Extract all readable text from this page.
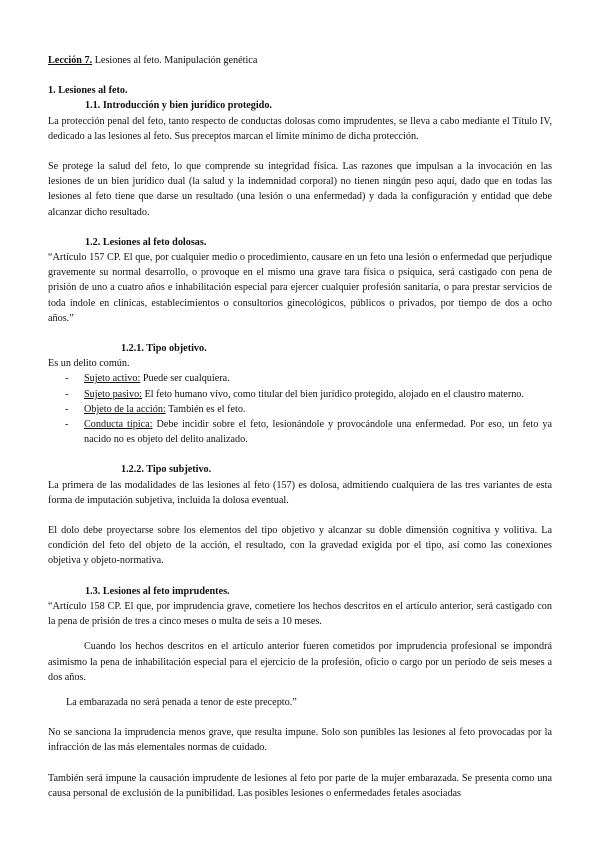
Lección 7. Lesiones al feto. Manipulación genética

1. Lesiones al feto.

1.1. Introducción y bien jurídico protegido.

La protección penal del feto, tanto respecto de conductas dolosas como imprudentes, se lleva a cabo mediante el Título IV, dedicado a las lesiones al feto. Sus preceptos marcan el límite mínimo de dicha protección.

Se protege la salud del feto, lo que comprende su integridad física. Las razones que impulsan a la invocación en las lesiones de un bien jurídico dual (la salud y la indemnidad corporal) no tienen ningún peso aquí, dado que en todas las lesiones al feto tiene que darse un resultado (una lesión o una enfermedad) y dada la configuración y entidad que debe alcanzar dicho resultado.

1.2. Lesiones al feto dolosas.

“Artículo 157 CP. El que, por cualquier medio o procedimiento, causare en un feto una lesión o enfermedad que perjudique gravemente su normal desarrollo, o provoque en el mismo una grave tara física o psíquica, será castigado con pena de prisión de uno a cuatro años e inhabilitación especial para ejercer cualquier profesión sanitaria, o para prestar servicios de toda índole en clínicas, establecimientos o consultorios ginecológicos, públicos o privados, por tiempo de dos a ocho años.”

1.2.1. Tipo objetivo.

Es un delito común.

- Sujeto activo: Puede ser cualquiera.
- Sujeto pasivo: El feto humano vivo, como titular del bien jurídico protegido, alojado en el claustro materno.
- Objeto de la acción: También es el feto.
- Conducta típica: Debe incidir sobre el feto, lesionándole y provocándole una enfermedad. Por eso, un feto ya nacido no es objeto del delito analizado.

1.2.2. Tipo subjetivo.

La primera de las modalidades de las lesiones al feto (157) es dolosa, admitiendo cualquiera de las tres variantes de esta forma de imputación subjetiva, incluida la dolosa eventual.

El dolo debe proyectarse sobre los elementos del tipo objetivo y alcanzar su doble dimensión cognitiva y volitiva. La condición del feto del objeto de la acción, el resultado, con la gravedad exigida por el tipo, así como las conexiones objetiva y objeto-normativa.

1.3. Lesiones al feto imprudentes.

“Artículo 158 CP. El que, por imprudencia grave, cometiere los hechos descritos en el artículo anterior, será castigado con la pena de prisión de tres a cinco meses o multa de seis a 10 meses.

Cuando los hechos descritos en el artículo anterior fueren cometidos por imprudencia profesional se impondrá asimismo la pena de inhabilitación especial para el ejercicio de la profesión, oficio o cargo por un período de seis meses a dos años.

La embarazada no será penada a tenor de este precepto.”

No se sanciona la imprudencia menos grave, que resulta impune. Solo son punibles las lesiones al feto provocadas por la infracción de las más elementales normas de cuidado.

También será impune la causación imprudente de lesiones al feto por parte de la mujer embarazada. Se presenta como una causa personal de exclusión de la punibilidad. Las posibles lesiones o enfermedades fetales asociadas
